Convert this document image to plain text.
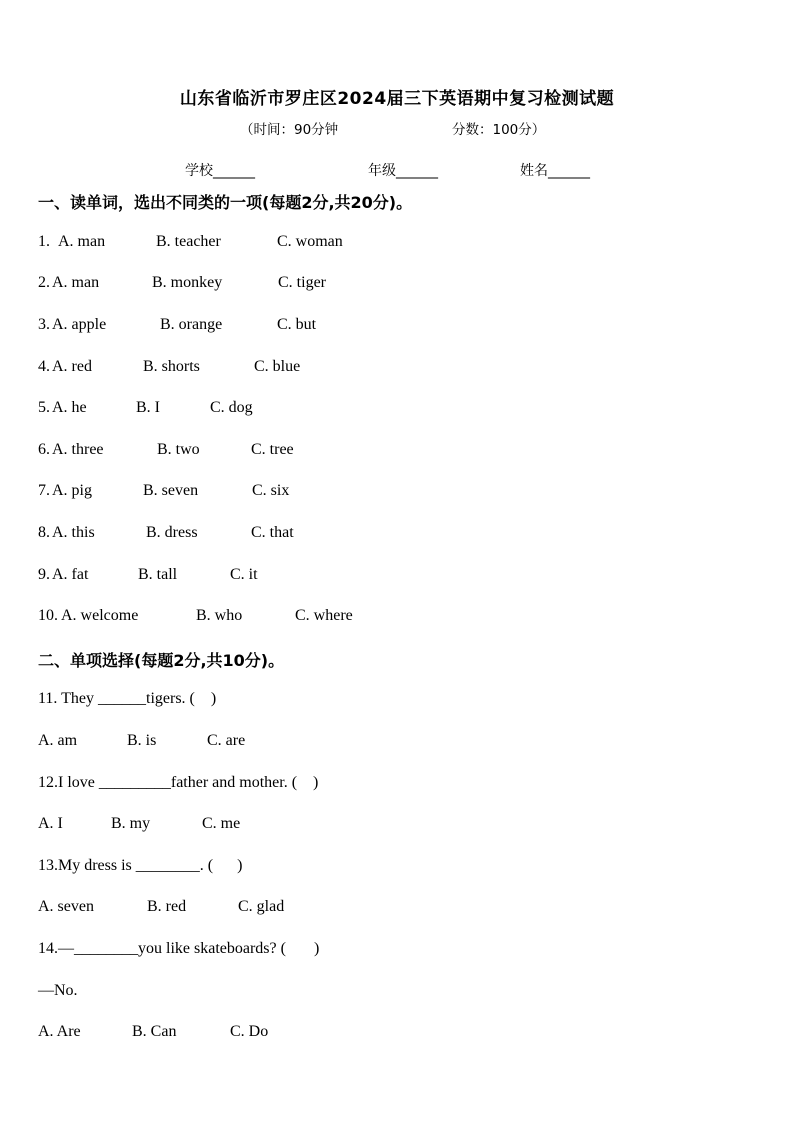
山东省临沂市罗庄区2024届三下英语期中复习检测试题
（时间：90分钟	分数：100分）
学校______	年级______	姓名______
一、读单词，选出不同类的一项(每题2分,共20分)。
1. A. man	B. teacher	C. woman
2. A. man	B. monkey	C. tiger
3. A. apple	B. orange	C. but
4. A. red	B. shorts	C. blue
5. A. he	B. I	C. dog
6. A. three	B. two	C. tree
7. A. pig	B. seven	C. six
8. A. this	B. dress	C. that
9. A. fat	B. tall	C. it
10. A. welcome	B. who	C. where
二、单项选择(每题2分,共10分)。
11. They ______tigers. (    )
A. am	B. is	C. are
12.I love _________father and mother. (    )
A. I	B. my	C. me
13.My dress is ________. (      )
A. seven	B. red	C. glad
14.—________you like skateboards? (       )
—No.
A. Are	B. Can	C. Do
